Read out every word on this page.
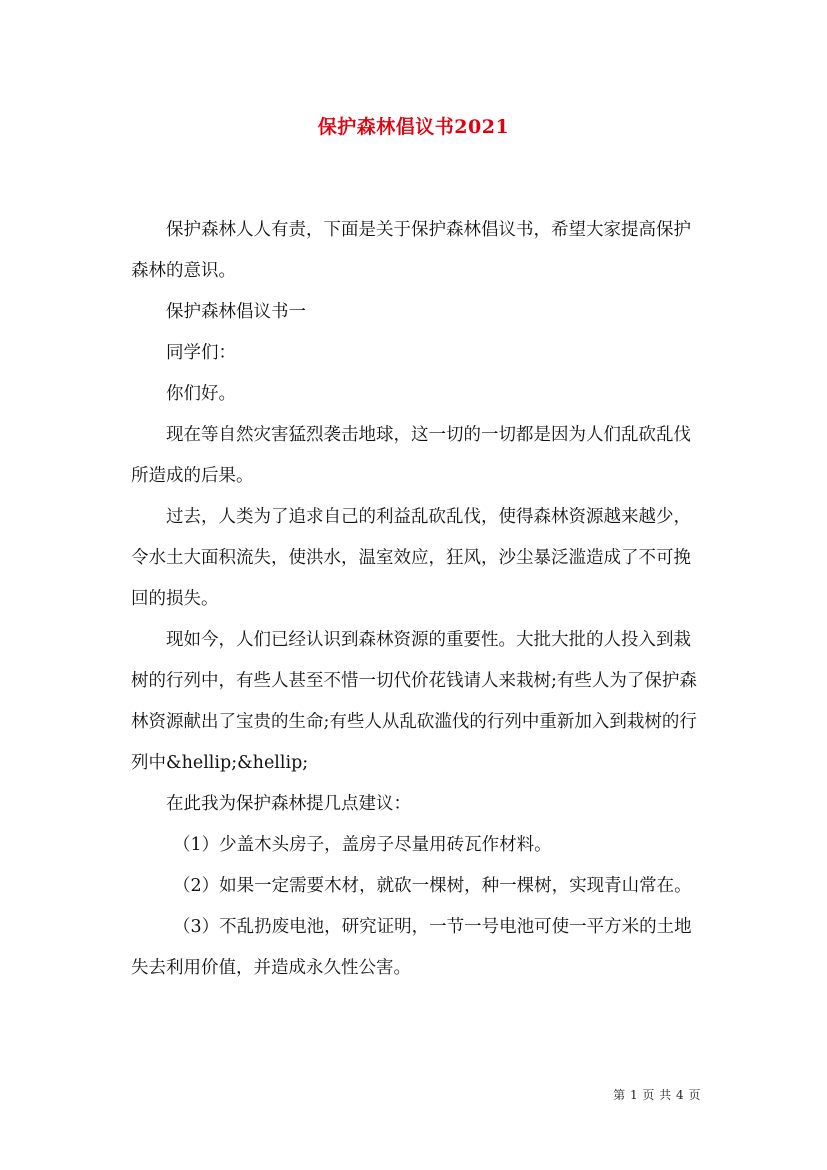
保护森林倡议书2021

保护森林人人有责，下面是关于保护森林倡议书，希望大家提高保护森林的意识。

保护森林倡议书一

同学们：

你们好。

现在等自然灾害猛烈袭击地球，这一切的一切都是因为人们乱砍乱伐所造成的后果。

过去，人类为了追求自己的利益乱砍乱伐，使得森林资源越来越少，令水土大面积流失，使洪水，温室效应，狂风，沙尘暴泛滥造成了不可挽回的损失。

现如今，人们已经认识到森林资源的重要性。大批大批的人投入到栽树的行列中，有些人甚至不惜一切代价花钱请人来栽树;有些人为了保护森林资源献出了宝贵的生命;有些人从乱砍滥伐的行列中重新加入到栽树的行列中&hellip;&hellip;

在此我为保护森林提几点建议：

（1）少盖木头房子，盖房子尽量用砖瓦作材料。

（2）如果一定需要木材，就砍一棵树，种一棵树，实现青山常在。

（3）不乱扔废电池，研究证明，一节一号电池可使一平方米的土地失去利用价值，并造成永久性公害。

第 1 页 共 4 页
